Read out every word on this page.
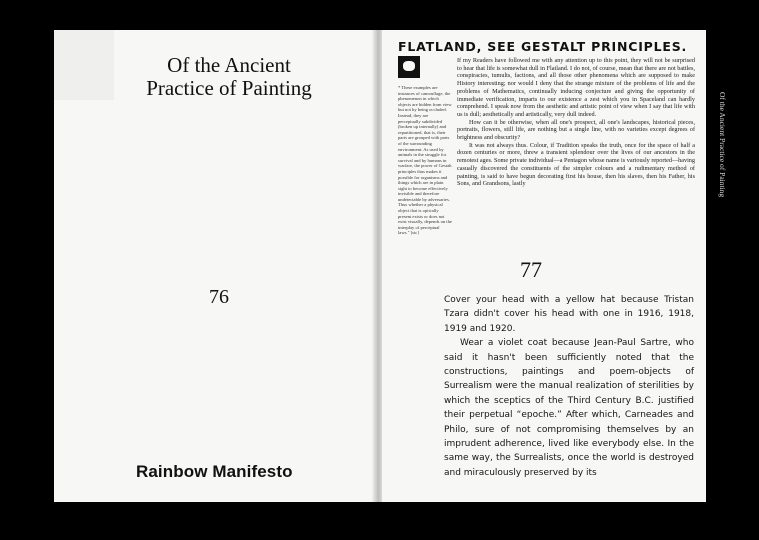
Of the Ancient
Practice of Painting
76
Rainbow Manifesto
FLATLAND, SEE GESTALT PRINCIPLES.
* These examples are instances of camouflage, the phenomenon in which objects are hidden from view but not by being occluded. Instead, they are perceptually subdivided (broken up internally) and repartitioned, that is, their parts are grouped with parts of the surrounding environment. As used by animals in the struggle for survival and by humans in warfare, the power of Gestalt principles thus makes it possible for organisms and things which are in plain sight to become effectively invisible and therefore undetectable by adversaries. Thus whether a physical object that is optically present exists or does not exist visually, depends on the interplay of perceptual laws." [sic]

If my Readers have followed me with any attention up to this point, they will not be surprised to hear that life is somewhat dull in Flatland. I do not, of course, mean that there are not battles, conspiracies, tumults, factions, and all those other phenomena which are supposed to make History interesting; nor would I deny that the strange mixture of the problems of life and the problems of Mathematics, continually inducing conjecture and giving the opportunity of immediate verification, imparts to our existence a zest which you in Spaceland can hardly comprehend. I speak now from the aesthetic and artistic point of view when I say that life with us is dull; aesthetically and artistically, very dull indeed.

How can it be otherwise, when all one's prospect, all one's landscapes, historical pieces, portraits, flowers, still life, are nothing but a single line, with no varieties except degrees of brightness and obscurity?

It was not always thus. Colour, if Tradition speaks the truth, once for the space of half a dozen centuries or more, threw a transient splendour over the lives of our ancestors in the remotest ages. Some private individual—a Pentagon whose name is variously reported—having casually discovered the constituents of the simpler colours and a rudimentary method of painting, is said to have begun decorating first his house, then his slaves, then his Father, his Sons, and Grandsons, lastly

77

Cover your head with a yellow hat because Tristan Tzara didn't cover his head with one in 1916, 1918, 1919 and 1920.

Wear a violet coat because Jean-Paul Sartre, who said it hasn't been sufficiently noted that the constructions, paintings and poem-objects of Surrealism were the manual realization of sterilities by which the sceptics of the Third Century B.C. justified their perpetual “epoche.” After which, Carneades and Philo, sure of not compromising themselves by an imprudent adherence, lived like everybody else. In the same way, the Surrealists, once the world is destroyed and miraculously preserved by its

Of the Ancient Practice of Painting
